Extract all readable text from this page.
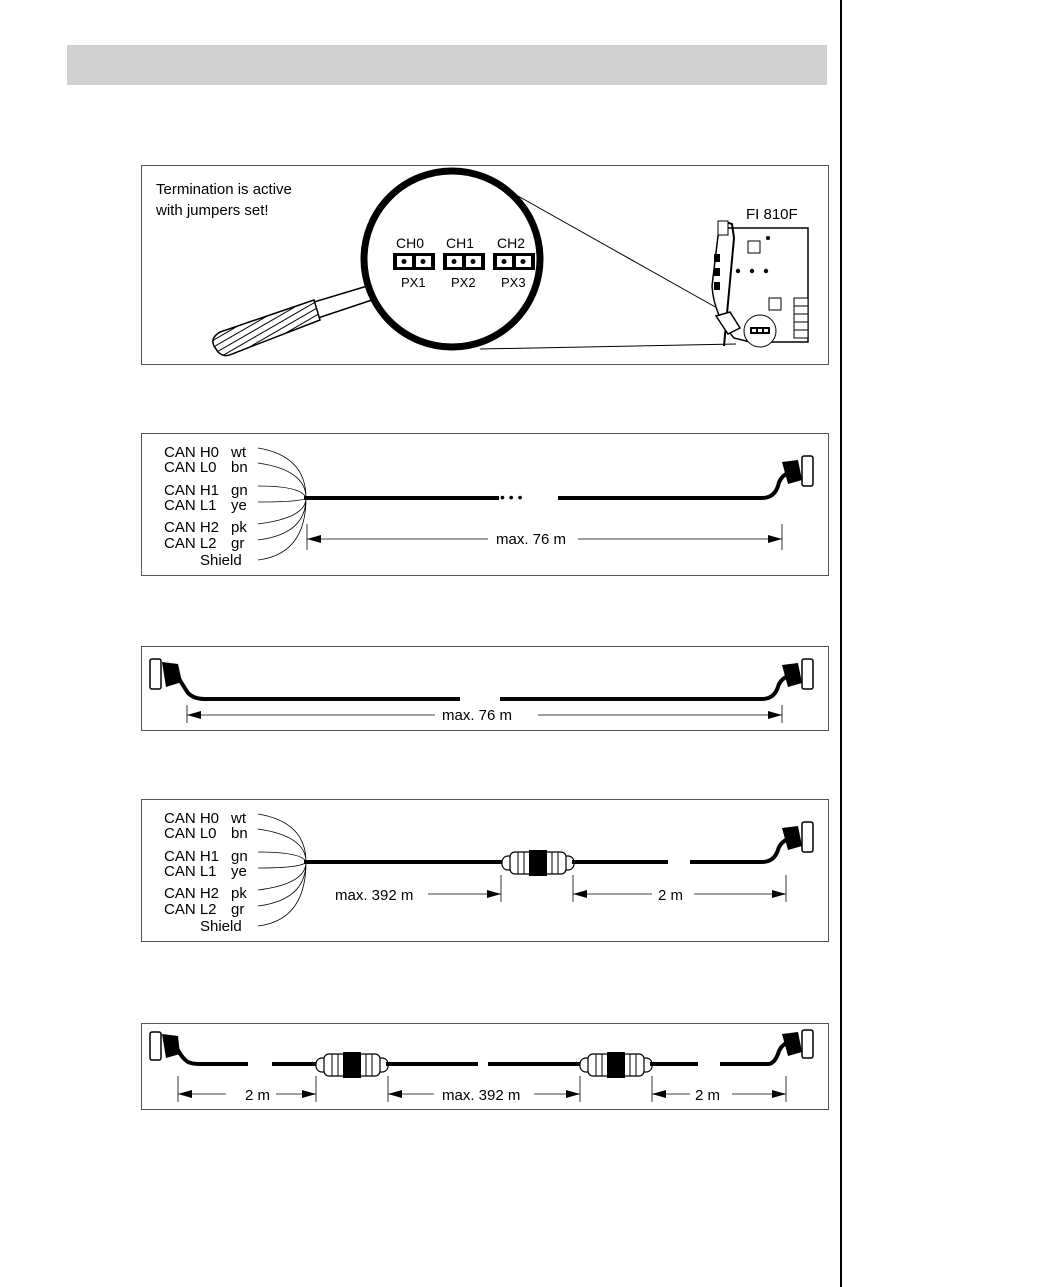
Termination is active
with jumpers set!
CH0 CH1 CH2
PX1 PX2 PX3
FI 810F
CAN H0 wt
CAN L0 bn
CAN H1 gn
CAN L1 ye
CAN H2 pk
CAN L2 gr
Shield
• • •
max. 76 m
max. 76 m
CAN H0 wt
CAN L0 bn
CAN H1 gn
CAN L1 ye
CAN H2 pk
CAN L2 gr
Shield
max. 392 m	2 m
2 m	max. 392 m	2 m
